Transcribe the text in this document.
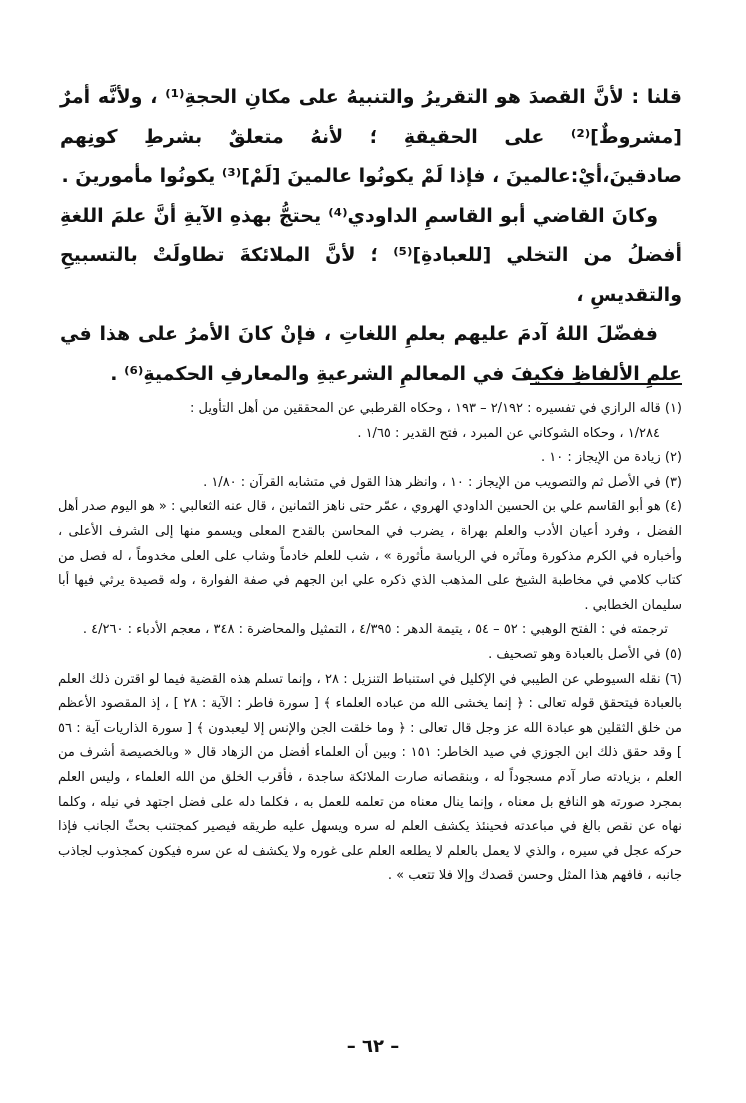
قلنا : لأنَّ القصدَ هو التقريرُ والتنبيهُ على مكانِ الحجةِ⁽¹⁾ ، ولأنَّه أمرٌ [مشروطٌ]⁽²⁾ على الحقيقةِ ؛ لأنهُ متعلقٌ بشرطِ كونِهم صادقينَ،أيْ:عالمينَ ، فإذا لَمْ يكونُوا عالمينَ [لَمْ]⁽³⁾ يكونُوا مأمورينَ .

وكانَ القاضي أبو القاسمِ الداودي⁽⁴⁾ يحتجُّ بهذهِ الآيةِ أنَّ علمَ اللغةِ أفضلُ من التخلي [للعبادةِ]⁽⁵⁾ ؛ لأنَّ الملائكةَ تطاولَتْ بالتسبيحِ والتقديسِ ،

ففضّلَ اللهُ آدمَ عليهم بعلمِ اللغاتِ ، فإنْ كانَ الأمرُ على هذا في علمِ الألفاظِ فكيفَ في المعالمِ الشرعيةِ والمعارفِ الحكميةِ⁽⁶⁾ .

(١) قاله الرازي في تفسيره : ٢/١٩٢ – ١٩٣ ، وحكاه القرطبي عن المحققين من أهل التأويل :

١/٢٨٤ ، وحكاه الشوكاني عن المبرد ، فتح القدير : ١/٦٥ .

(٢) زيادة من الإيجاز : ١٠ .

(٣) في الأصل ثم والتصويب من الإيجاز : ١٠ ، وانظر هذا القول في متشابه القرآن : ١/٨٠ .

(٤) هو أبو القاسم علي بن الحسين الداودي الهروي ، عمّر حتى ناهز الثمانين ، قال عنه الثعالبي : « هو اليوم صدر أهل الفضل ، وفرد أعيان الأدب والعلم بهراة ، يضرب في المحاسن بالقدح المعلى ويسمو منها إلى الشرف الأعلى ، وأخباره في الكرم مذكورة ومآثره في الرياسة مأثورة » ، شب للعلم خادماً وشاب على العلى مخدوماً ، له فصل من كتاب كلامي في مخاطبة الشيخ على المذهب الذي ذكره علي ابن الجهم في صفة الفوارة ، وله قصيدة يرثي فيها أبا سليمان الخطابي .

ترجمته في : الفتح الوهبي : ٥٢ – ٥٤ ، يتيمة الدهر : ٤/٣٩٥ ، التمثيل والمحاضرة : ٣٤٨ ، معجم الأدباء : ٤/٢٦٠ .

(٥) في الأصل بالعبادة وهو تصحيف .

(٦) نقله السيوطي عن الطيبي في الإكليل في استنباط التنزيل : ٢٨ ، وإنما تسلم هذه القضية فيما لو اقترن ذلك العلم بالعبادة فيتحقق قوله تعالى : ﴿ إنما يخشى الله من عباده العلماء ﴾ [ سورة فاطر : الآية : ٢٨ ] ، إذ المقصود الأعظم من خلق الثقلين هو عبادة الله عز وجل قال تعالى : ﴿ وما خلقت الجن والإنس إلا ليعبدون ﴾ [ سورة الذاريات آية : ٥٦ ] وقد حقق ذلك ابن الجوزي في صيد الخاطر: ١٥١ : وبين أن العلماء أفضل من الزهاد قال « وبالخصيصة أشرف من العلم ، بزيادته صار آدم مسجوداً له ، وبنقصانه صارت الملائكة ساجدة ، فأقرب الخلق من الله العلماء ، وليس العلم بمجرد صورته هو النافع بل معناه ، وإنما ينال معناه من تعلمه للعمل به ، فكلما دله على فضل اجتهد في نيله ، وكلما نهاه عن نقص بالغ في مباعدته فحينئذ يكشف العلم له سره ويسهل عليه طريقه فيصير كمجتنب بحثّ الجانب فإذا حركه عجل في سيره ، والذي لا يعمل بالعلم لا يطلعه العلم على غوره ولا يكشف له عن سره فيكون كمجذوب لجاذب جانبه ، فافهم هذا المثل وحسن قصدك وإلا فلا تتعب » .

– ٦٢ –
